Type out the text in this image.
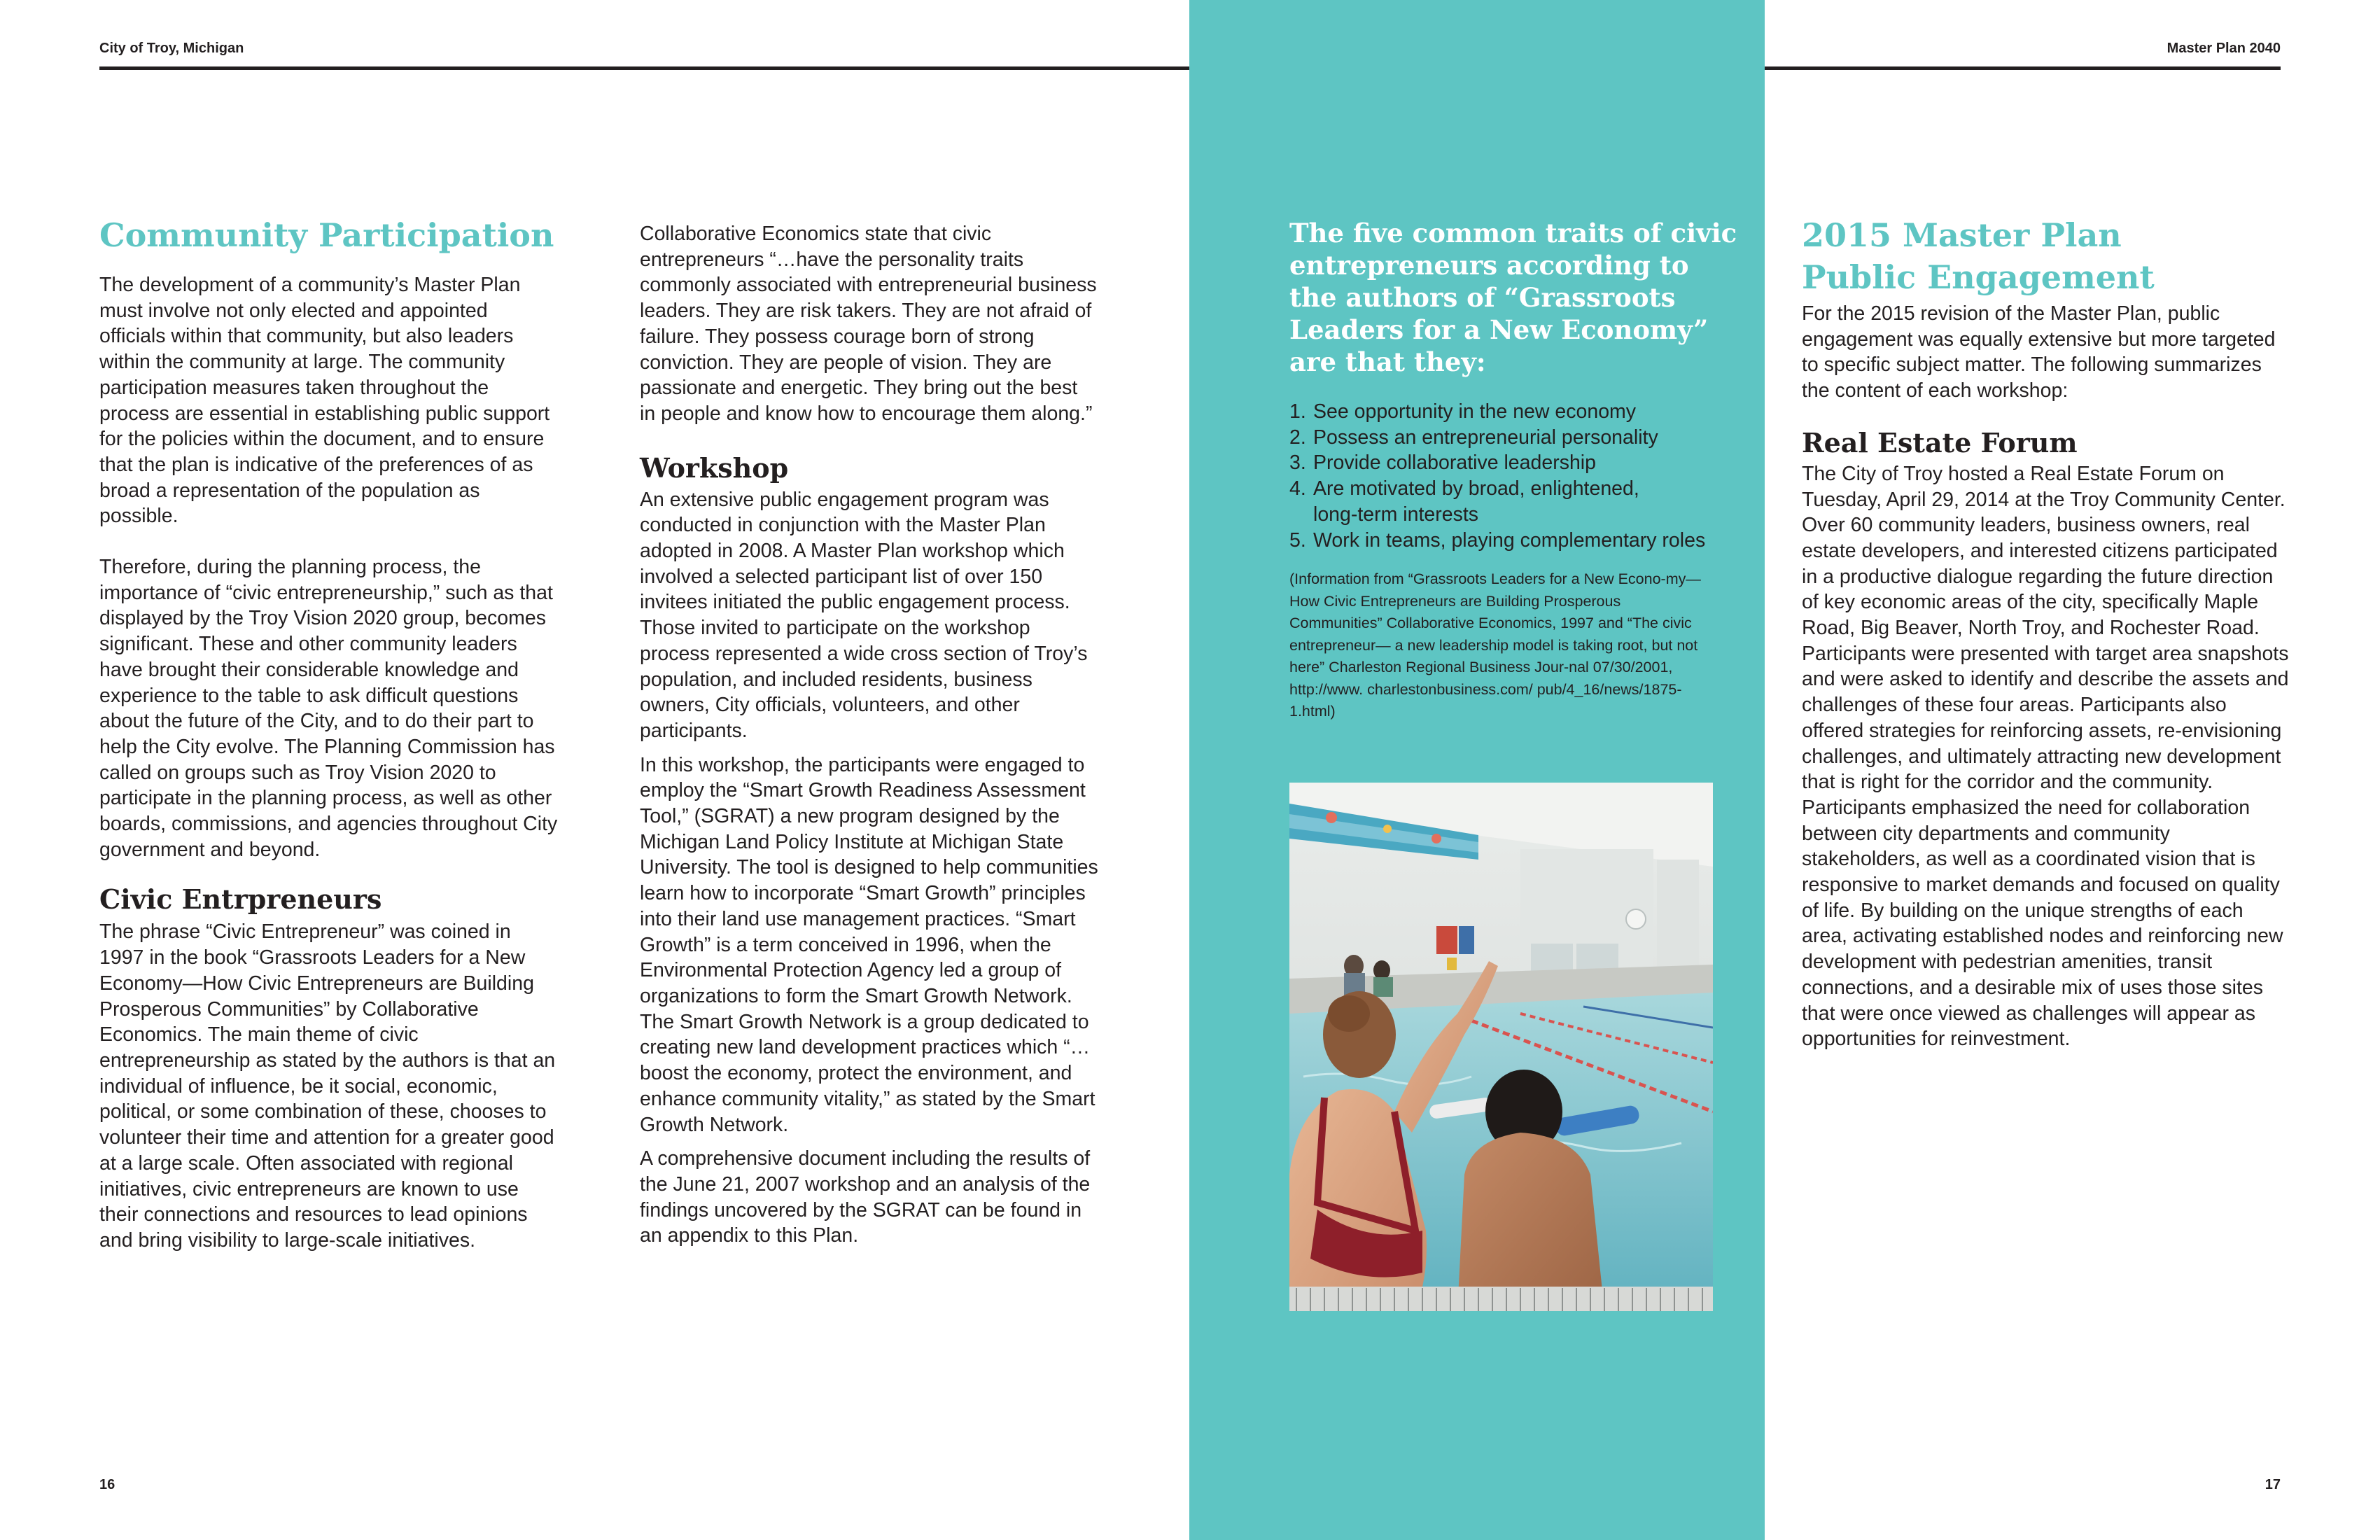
City of Troy, Michigan	Master Plan 2040
Community Participation

The development of a community’s Master Plan must involve not only elected and appointed officials within that community, but also leaders within the community at large. The community participation measures taken throughout the process are essential in establishing public support for the policies within the document, and to ensure that the plan is indicative of the preferences of as broad a representation of the population as possible.

Therefore, during the planning process, the importance of “civic entrepreneurship,” such as that displayed by the Troy Vision 2020 group, becomes significant. These and other community leaders have brought their considerable knowledge and experience to the table to ask difficult questions about the future of the City, and to do their part to help the City evolve. The Planning Commission has called on groups such as Troy Vision 2020 to participate in the planning process, as well as other boards, commissions, and agencies throughout City government and beyond.

Civic Entrpreneurs

The phrase “Civic Entrepreneur” was coined in 1997 in the book “Grassroots Leaders for a New Economy—How Civic Entrepreneurs are Building Prosperous Communities” by Collaborative Economics. The main theme of civic entrepreneurship as stated by the authors is that an individual of influence, be it social, economic, political, or some combination of these, chooses to volunteer their time and attention for a greater good at a large scale. Often associated with regional initiatives, civic entrepreneurs are known to use their connections and resources to lead opinions and bring visibility to large-scale initiatives.

Collaborative Economics state that civic entrepreneurs “…have the personality traits commonly associated with entrepreneurial business leaders. They are risk takers. They are not afraid of failure. They possess courage born of strong conviction. They are people of vision. They are passionate and energetic. They bring out the best in people and know how to encourage them along.”

Workshop

An extensive public engagement program was conducted in conjunction with the Master Plan adopted in 2008. A Master Plan workshop which involved a selected participant list of over 150 invitees initiated the public engagement process. Those invited to participate on the workshop process represented a wide cross section of Troy’s population, and included residents, business owners, City officials, volunteers, and other participants.

In this workshop, the participants were engaged to employ the “Smart Growth Readiness Assessment Tool,” (SGRAT) a new program designed by the Michigan Land Policy Institute at Michigan State University. The tool is designed to help communities learn how to incorporate “Smart Growth” principles into their land use management practices. “Smart Growth” is a term conceived in 1996, when the Environmental Protection Agency led a group of organizations to form the Smart Growth Network. The Smart Growth Network is a group dedicated to creating new land development practices which “…boost the economy, protect the environment, and enhance community vitality,” as stated by the Smart Growth Network.

A comprehensive document including the results of the June 21, 2007 workshop and an analysis of the findings uncovered by the SGRAT can be found in an appendix to this Plan.

The five common traits of civic entrepreneurs according to the authors of “Grassroots Leaders for a New Economy” are that they:
1. See opportunity in the new economy
2. Possess an entrepreneurial personality
3. Provide collaborative leadership
4. Are motivated by broad, enlightened, long-term interests
5. Work in teams, playing complementary roles

(Information from “Grassroots Leaders for a New Econo-my— How Civic Entrepreneurs are Building Prosperous Communities” Collaborative Economics, 1997 and “The civic entrepreneur— a new leadership model is taking root, but not here” Charleston Regional Business Jour-nal 07/30/2001, http://www. charlestonbusiness.com/ pub/4_16/news/1875-1.html)

2015 Master Plan Public Engagement

For the 2015 revision of the Master Plan, public engagement was equally extensive but more targeted to specific subject matter. The following summarizes the content of each workshop:

Real Estate Forum

The City of Troy hosted a Real Estate Forum on Tuesday, April 29, 2014 at the Troy Community Center. Over 60 community leaders, business owners, real estate developers, and interested citizens participated in a productive dialogue regarding the future direction of key economic areas of the city, specifically Maple Road, Big Beaver, North Troy, and Rochester Road. Participants were presented with target area snapshots and were asked to identify and describe the assets and challenges of these four areas. Participants also offered strategies for reinforcing assets, re-envisioning challenges, and ultimately attracting new development that is right for the corridor and the community. Participants emphasized the need for collaboration between city departments and community stakeholders, as well as a coordinated vision that is responsive to market demands and focused on quality of life. By building on the unique strengths of each area, activating established nodes and reinforcing new development with pedestrian amenities, transit connections, and a desirable mix of uses those sites that were once viewed as challenges will appear as opportunities for reinvestment.

16	17
